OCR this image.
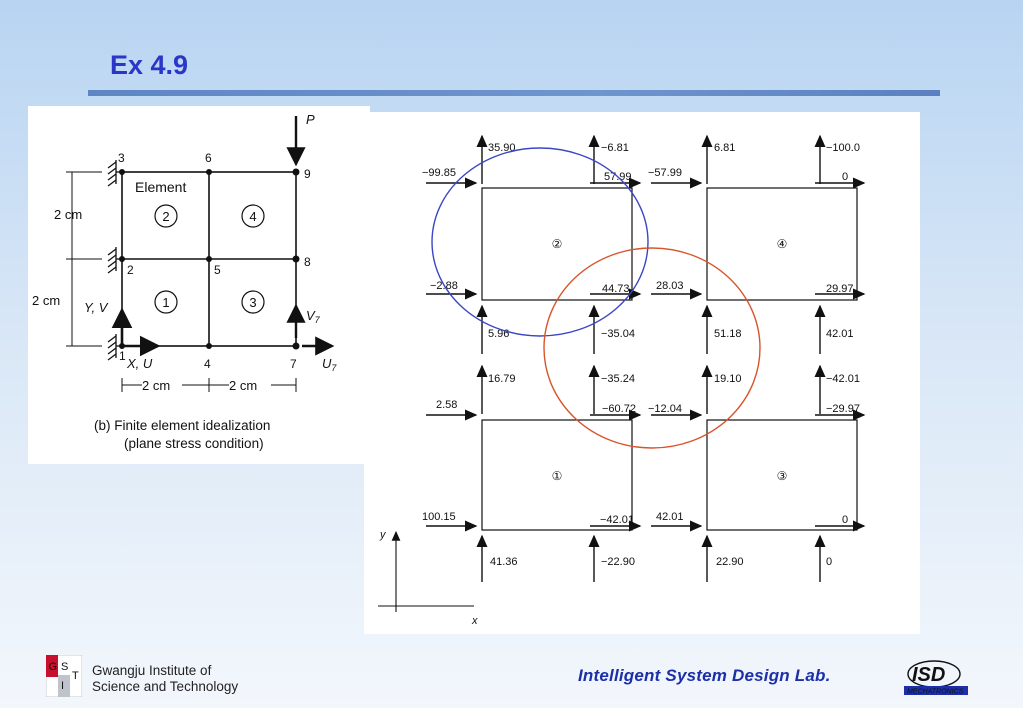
Ex 4.9
1
2
3
4
5
6
7
8
9
Element
2	4
1	3
2 cm
2 cm Y, V
X, U
P
$V_7$
$U_7$
2 cm	2 cm
(b) Finite element idealization
(plane stress condition)
②	④
①	③
35.90	−6.81
−99.85	57.99
−2.88	44.73
5.96	−35.04
6.81	−100.0
−57.99	0
28.03	29.97
51.18	42.01
16.79	−35.24
2.58	−60.72
100.15	−42.01
41.36	−22.90
19.10	−42.01
−12.04	−29.97
42.01	0
22.90	0
y
x
G
I
S
T Gwangju Institute of
Science and Technology
Intelligent System Design Lab.	ISD
MECHATRONICS
